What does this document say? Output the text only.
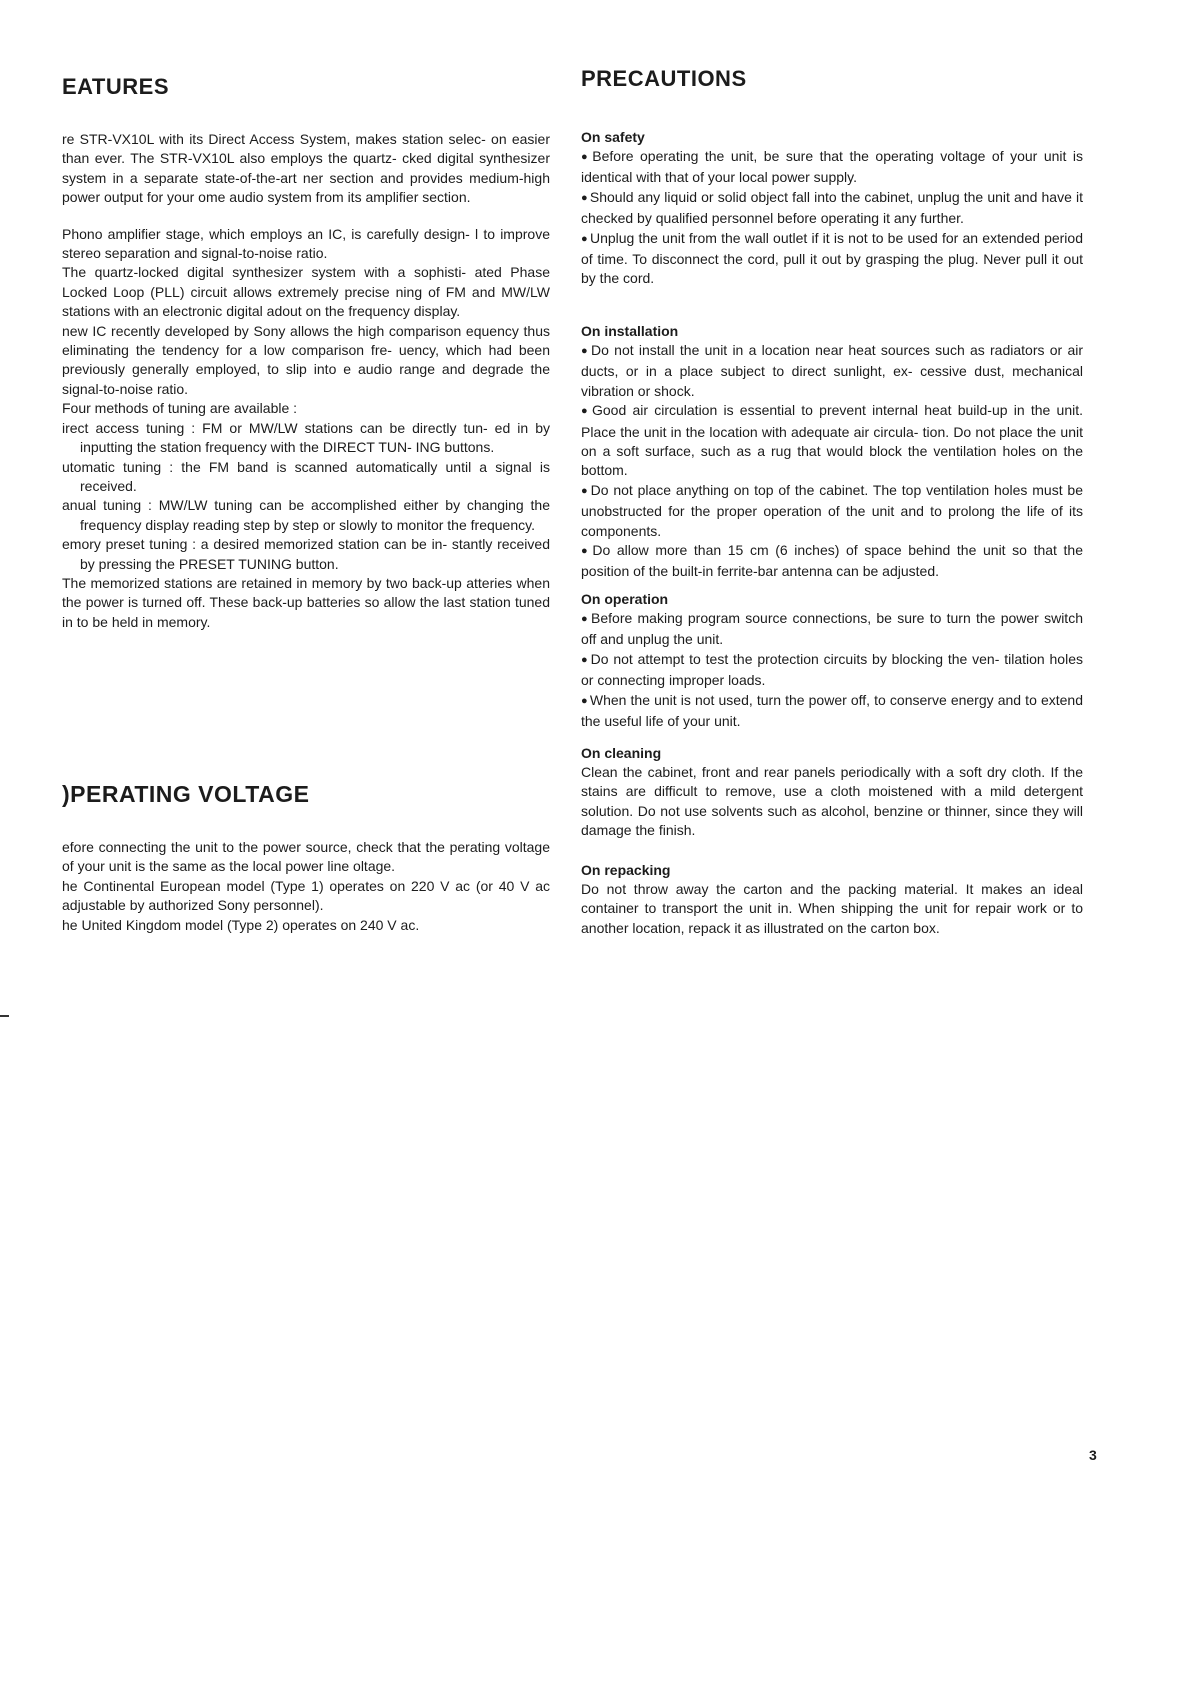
EATURES

re STR-VX10L with its Direct Access System, makes station selec- on easier than ever. The STR-VX10L also employs the quartz- cked digital synthesizer system in a separate state-of-the-art ner section and provides medium-high power output for your ome audio system from its amplifier section.

Phono amplifier stage, which employs an IC, is carefully design- l to improve stereo separation and signal-to-noise ratio.

The quartz-locked digital synthesizer system with a sophisti- ated Phase Locked Loop (PLL) circuit allows extremely precise ning of FM and MW/LW stations with an electronic digital adout on the frequency display.

new IC recently developed by Sony allows the high comparison equency thus eliminating the tendency for a low comparison fre- uency, which had been previously generally employed, to slip into e audio range and degrade the signal-to-noise ratio.

Four methods of tuning are available :

irect access tuning : FM or MW/LW stations can be directly tun- ed in by inputting the station frequency with the DIRECT TUN- ING buttons.

utomatic tuning : the FM band is scanned automatically until a signal is received.

anual tuning : MW/LW tuning can be accomplished either by changing the frequency display reading step by step or slowly to monitor the frequency.

emory preset tuning : a desired memorized station can be in- stantly received by pressing the PRESET TUNING button.

The memorized stations are retained in memory by two back-up atteries when the power is turned off. These back-up batteries so allow the last station tuned in to be held in memory.

)PERATING VOLTAGE

efore connecting the unit to the power source, check that the perating voltage of your unit is the same as the local power line oltage.

he Continental European model (Type 1) operates on 220 V ac (or 40 V ac adjustable by authorized Sony personnel).

he United Kingdom model (Type 2) operates on 240 V ac.

PRECAUTIONS
On safety

● Before operating the unit, be sure that the operating voltage of your unit is identical with that of your local power supply.

● Should any liquid or solid object fall into the cabinet, unplug the unit and have it checked by qualified personnel before operating it any further.

● Unplug the unit from the wall outlet if it is not to be used for an extended period of time. To disconnect the cord, pull it out by grasping the plug. Never pull it out by the cord.

On installation

● Do not install the unit in a location near heat sources such as radiators or air ducts, or in a place subject to direct sunlight, ex- cessive dust, mechanical vibration or shock.

● Good air circulation is essential to prevent internal heat build-up in the unit. Place the unit in the location with adequate air circula- tion. Do not place the unit on a soft surface, such as a rug that would block the ventilation holes on the bottom.

● Do not place anything on top of the cabinet. The top ventilation holes must be unobstructed for the proper operation of the unit and to prolong the life of its components.

● Do allow more than 15 cm (6 inches) of space behind the unit so that the position of the built-in ferrite-bar antenna can be adjusted.

On operation

● Before making program source connections, be sure to turn the power switch off and unplug the unit.

● Do not attempt to test the protection circuits by blocking the ven- tilation holes or connecting improper loads.

● When the unit is not used, turn the power off, to conserve energy and to extend the useful life of your unit.

On cleaning

Clean the cabinet, front and rear panels periodically with a soft dry cloth. If the stains are difficult to remove, use a cloth moistened with a mild detergent solution. Do not use solvents such as alcohol, benzine or thinner, since they will damage the finish.

On repacking

Do not throw away the carton and the packing material. It makes an ideal container to transport the unit in. When shipping the unit for repair work or to another location, repack it as illustrated on the carton box.

3
